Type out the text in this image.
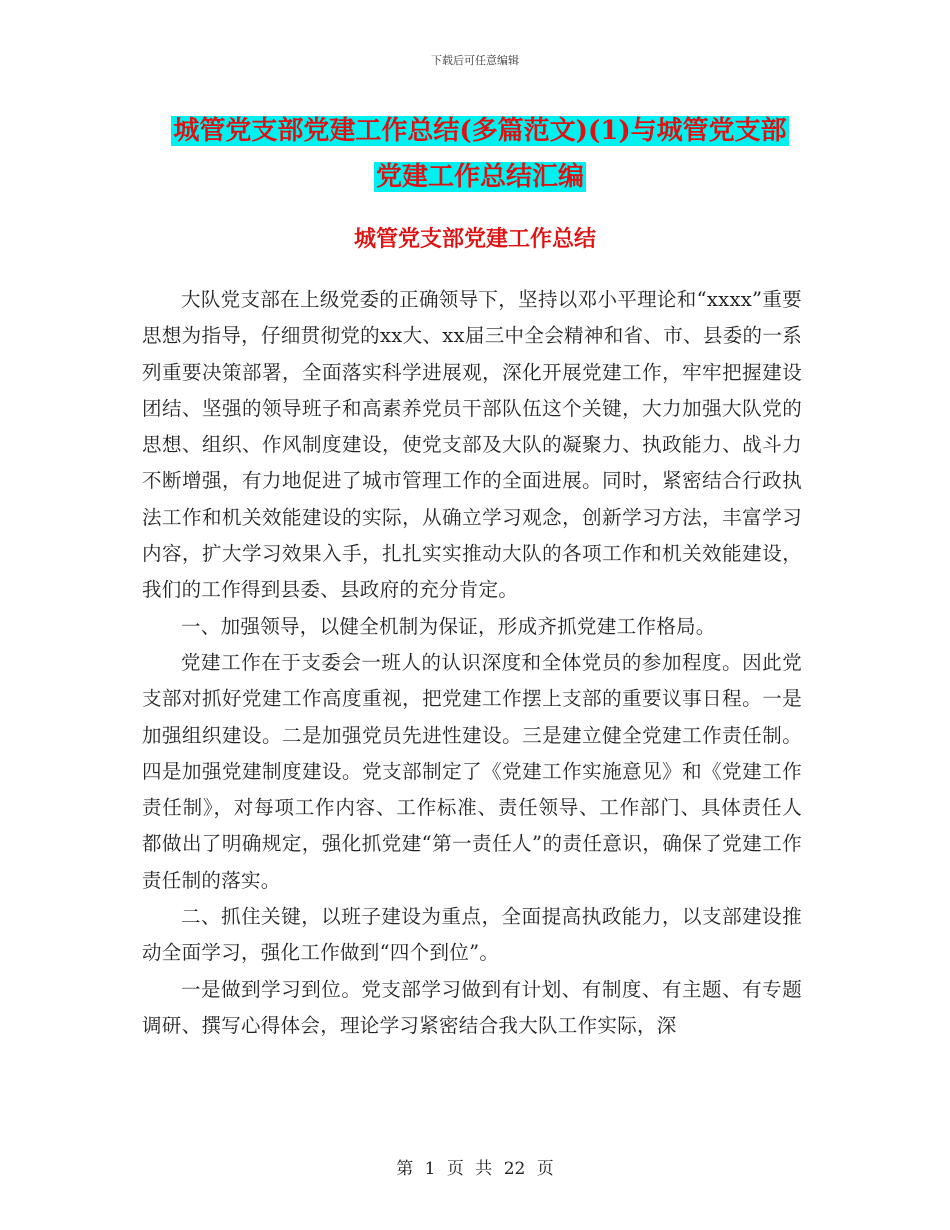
下载后可任意编辑
城管党支部党建工作总结(多篇范文)(1)与城管党支部
党建工作总结汇编
城管党支部党建工作总结

大队党支部在上级党委的正确领导下，坚持以邓小平理论和“xxxx”重要思想为指导，仔细贯彻党的xx大、xx届三中全会精神和省、市、县委的一系列重要决策部署，全面落实科学进展观，深化开展党建工作，牢牢把握建设团结、坚强的领导班子和高素养党员干部队伍这个关键，大力加强大队党的思想、组织、作风制度建设，使党支部及大队的凝聚力、执政能力、战斗力不断增强，有力地促进了城市管理工作的全面进展。同时，紧密结合行政执法工作和机关效能建设的实际，从确立学习观念，创新学习方法，丰富学习内容，扩大学习效果入手，扎扎实实推动大队的各项工作和机关效能建设，我们的工作得到县委、县政府的充分肯定。

一、加强领导，以健全机制为保证，形成齐抓党建工作格局。

党建工作在于支委会一班人的认识深度和全体党员的参加程度。因此党支部对抓好党建工作高度重视，把党建工作摆上支部的重要议事日程。一是加强组织建设。二是加强党员先进性建设。三是建立健全党建工作责任制。四是加强党建制度建设。党支部制定了《党建工作实施意见》和《党建工作责任制》，对每项工作内容、工作标准、责任领导、工作部门、具体责任人都做出了明确规定，强化抓党建“第一责任人”的责任意识，确保了党建工作责任制的落实。

二、抓住关键，以班子建设为重点，全面提高执政能力，以支部建设推动全面学习，强化工作做到“四个到位”。

一是做到学习到位。党支部学习做到有计划、有制度、有主题、有专题调研、撰写心得体会，理论学习紧密结合我大队工作实际，深

第 1 页 共 22 页
